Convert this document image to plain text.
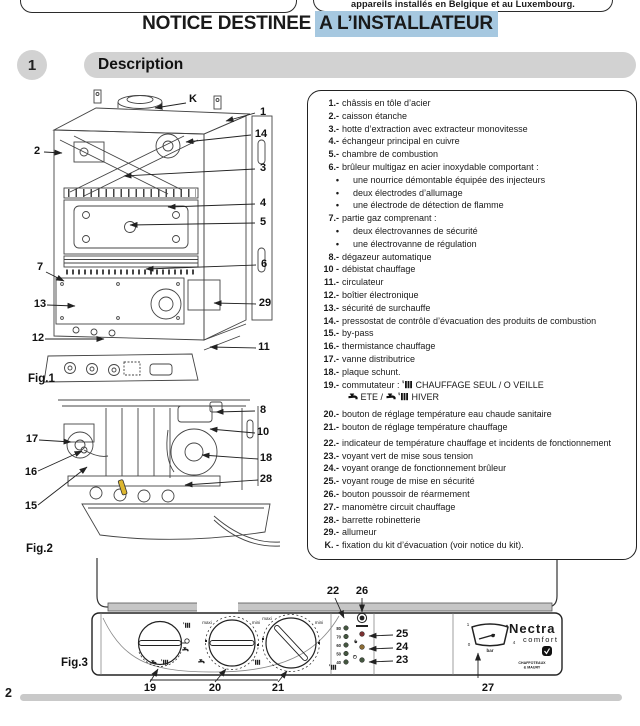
appareils installés en Belgique et au Luxembourg.
NOTICE DESTINEE A L’INSTALLATEUR
1	Description
K
1
14
3
4
5
2
7	6
13	29
12
11
Fig.1
8
10
17
18
16
28
15
Fig.2
maxi	mini
maxi
mini
80
70
60
50
40
1
0	4
bar
Nectra
comfort
CHAFFOTEAUX
& MAURY
22 26
25
24
23
19	20	21	27
Fig.3
1.- châssis en tôle d’acier
2.- caisson étanche
3.- hotte d’extraction avec extracteur monovitesse
4.- échangeur principal en cuivre
5.- chambre de combustion
6.- brûleur multigaz en acier inoxydable comportant :
• une nourrice démontable équipée des injecteurs
• deux électrodes d’allumage
• une électrode de détection de flamme
7.- partie gaz comprenant :
• deux électrovannes de sécurité
• une électrovanne de régulation
8.- dégazeur automatique
10 - débistat chauffage
11.- circulateur
12.- boîtier électronique
13.- sécurité de surchauffe
14.- pressostat de contrôle d’évacuation des produits de combustion
15.- by-pass
16.- thermistance chauffage
17.- vanne distributrice
18.- plaque schunt.
19.- commutateur :  CHAUFFAGE SEUL / O VEILLE
ETE /	HIVER
20.- bouton de réglage température eau chaude sanitaire
21.- bouton de réglage température chauffage
22.- indicateur de température chauffage et incidents de fonctionnement
23.- voyant vert de mise sous tension
24.- voyant orange de fonctionnement brûleur
25.- voyant rouge de mise en sécurité
26.- bouton poussoir de réarmement
27.- manomètre circuit chauffage
28.- barrette robinetterie
29.- allumeur
K. - fixation du kit d’évacuation (voir notice du kit).
2
